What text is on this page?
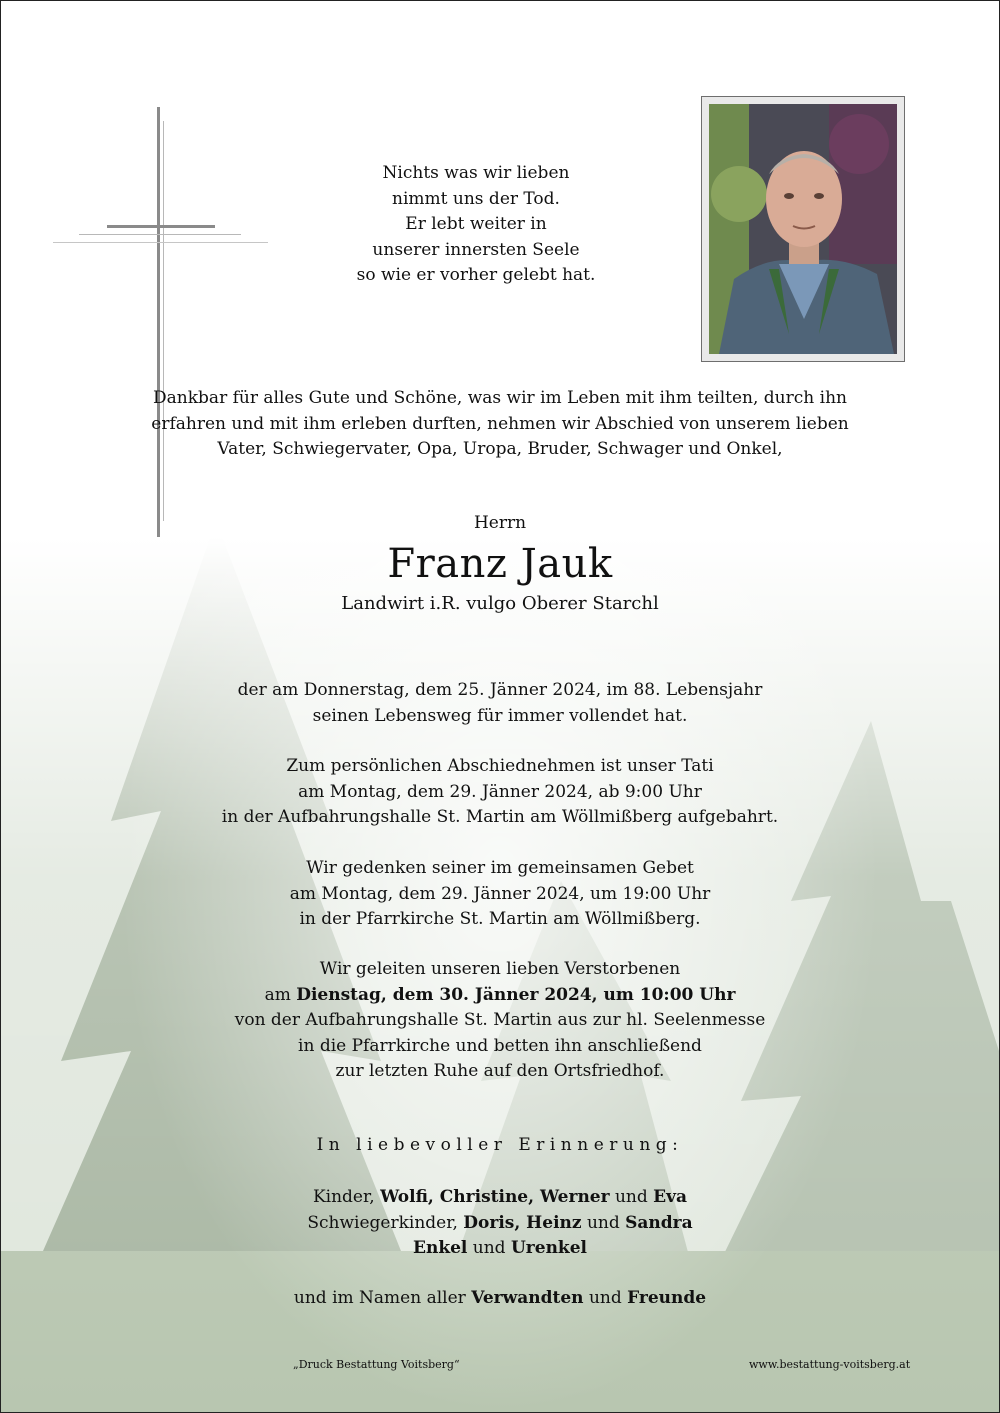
Nichts was wir lieben
nimmt uns der Tod.
Er lebt weiter in
unserer innersten Seele
so wie er vorher gelebt hat.
Dankbar für alles Gute und Schöne, was wir im Leben mit ihm teilten, durch ihn
erfahren und mit ihm erleben durften, nehmen wir Abschied von unserem lieben
Vater, Schwiegervater, Opa, Uropa, Bruder, Schwager und Onkel,
Herrn
Franz Jauk
Landwirt i.R. vulgo Oberer Starchl
der am Donnerstag, dem 25. Jänner 2024, im 88. Lebensjahr
seinen Lebensweg für immer vollendet hat.
Zum persönlichen Abschiednehmen ist unser Tati
am Montag, dem 29. Jänner 2024, ab 9:00 Uhr
in der Aufbahrungshalle St. Martin am Wöllmißberg aufgebahrt.
Wir gedenken seiner im gemeinsamen Gebet
am Montag, dem 29. Jänner 2024, um 19:00 Uhr
in der Pfarrkirche St. Martin am Wöllmißberg.
Wir geleiten unseren lieben Verstorbenen
am Dienstag, dem 30. Jänner 2024, um 10:00 Uhr
von der Aufbahrungshalle St. Martin aus zur hl. Seelenmesse
in die Pfarrkirche und betten ihn anschließend
zur letzten Ruhe auf den Ortsfriedhof.
In liebevoller Erinnerung:
Kinder, Wolfi, Christine, Werner und Eva
Schwiegerkinder, Doris, Heinz und Sandra
Enkel und Urenkel
und im Namen aller Verwandten und Freunde
„Druck Bestattung Voitsberg“	www.bestattung-voitsberg.at
